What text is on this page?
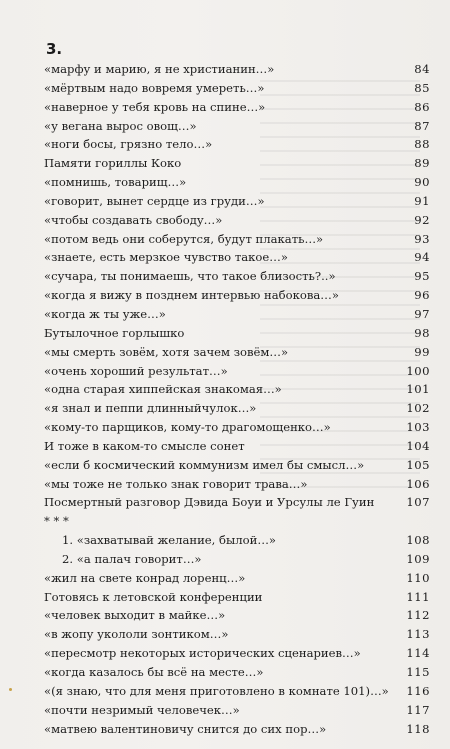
3.
«марфу и марию, я не христианин…»	84
«мёртвым надо вовремя умереть…»	85
«наверное у тебя кровь на спине…»	86
«у вегана вырос овощ…»	87
«ноги босы, грязно тело…»	88
Памяти гориллы Коко	89
«помнишь, товарищ…»	90
«говорит, вынет сердце из груди…»	91
«чтобы создавать свободу…»	92
«потом ведь они соберутся, будут плакать…»	93
«знаете, есть мерзкое чувство такое…»	94
«сучара, ты понимаешь, что такое близость?..»	95
«когда я вижу в позднем интервью набокова…»	96
«когда ж ты уже…»	97
Бутылочное горлышко	98
«мы смерть зовём, хотя зачем зовём…»	99
«очень хороший результат…»	100
«одна старая хиппейская знакомая…»	101
«я знал и пеппи длинныйчулок…»	102
«кому-то парщиков, кому-то драгомощенко…»	103
И тоже в каком-то смысле сонет	104
«если б космический коммунизм имел бы смысл…»	105
«мы тоже не только знак говорит трава…»	106
Посмертный разговор Дэвида Боуи и Урсулы ле Гуин	107
* * *
1. «захватывай желание, былой…»	108
2. «а палач говорит…»	109
«жил на свете конрад лоренц…»	110
Готовясь к летовской конференции	111
«человек выходит в майке…»	112
«в жопу укололи зонтиком…»	113
«пересмотр некоторых исторических сценариев…»	114
«когда казалось бы всё на месте…»	115
«(я знаю, что для меня приготовлено в комнате 101)…»	116
«почти незримый человечек…»	117
«матвею валентиновичу снится до сих пор…»	118
